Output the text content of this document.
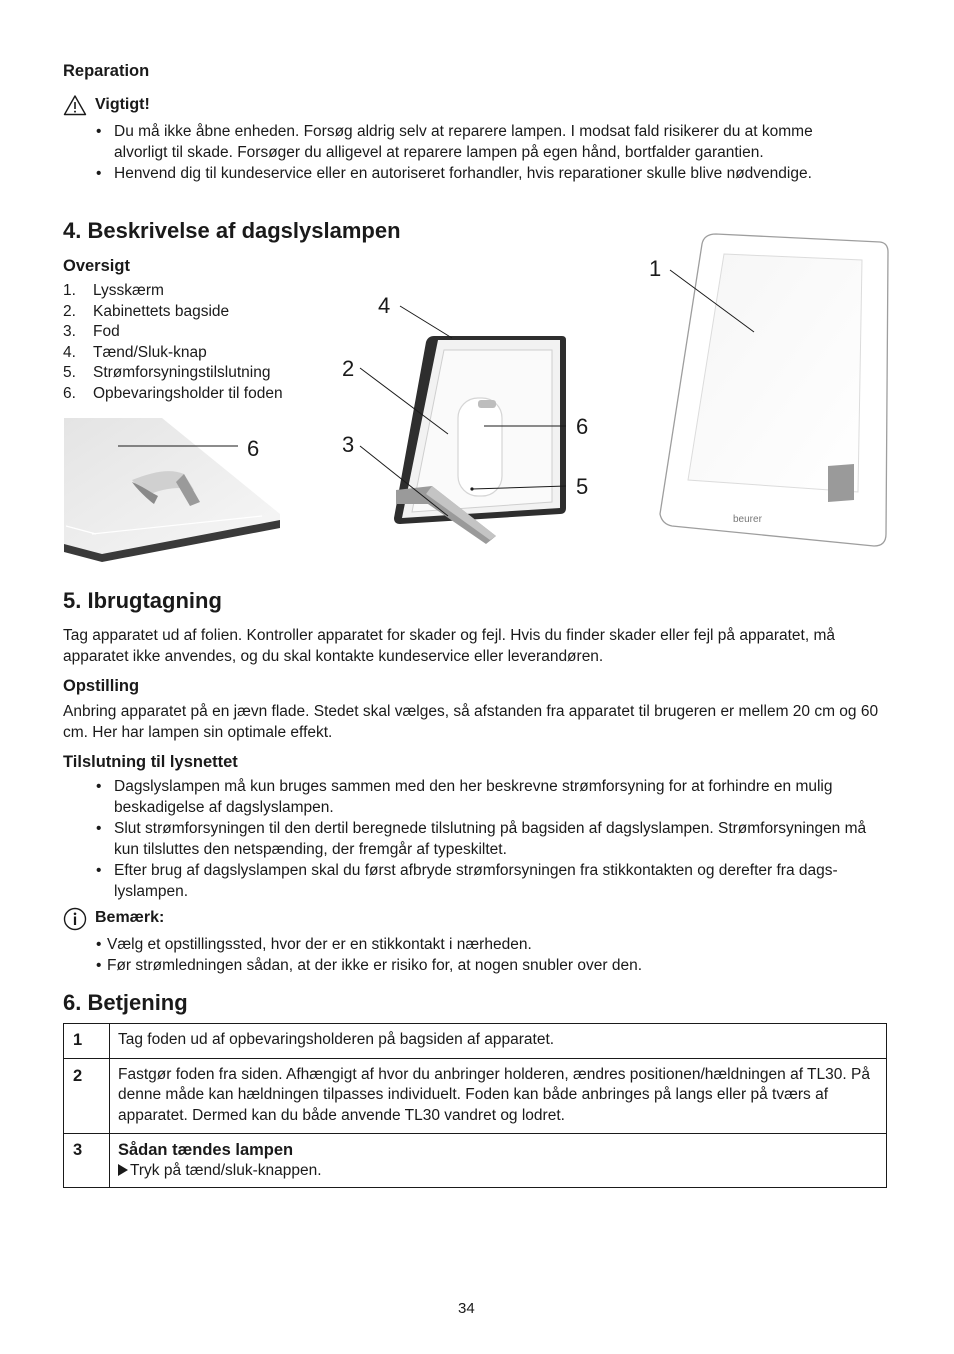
Reparation
Vigtigt!
• Du må ikke åbne enheden. Forsøg aldrig selv at reparere lampen. I modsat fald risikerer du at komme alvorligt til skade. Forsøger du alligevel at reparere lampen på egen hånd, bortfalder garantien.
• Henvend dig til kundeservice eller en autoriseret forhandler, hvis reparationer skulle blive nødvendige.
4. Beskrivelse af dagslyslampen
Oversigt
1. Lysskærm
2. Kabinettets bagside
3. Fod
4. Tænd/Sluk-knap
5. Strømforsyningstilslutning
6. Opbevaringsholder til foden
6
4
2
3
6
5
beurer
1
5. Ibrugtagning
Tag apparatet ud af folien. Kontroller apparatet for skader og fejl. Hvis du finder skader eller fejl på apparatet, må apparatet ikke anvendes, og du skal kontakte kundeservice eller leverandøren.
Opstilling
Anbring apparatet på en jævn flade. Stedet skal vælges, så afstanden fra apparatet til brugeren er mellem 20 cm og 60 cm. Her har lampen sin optimale effekt.
Tilslutning til lysnettet
• Dagslyslampen må kun bruges sammen med den her beskrevne strømforsyning for at forhindre en mulig beskadigelse af dagslyslampen.
• Slut strømforsyningen til den dertil beregnede tilslutning på bagsiden af dagslyslampen. Strømforsyningen må kun tilsluttes den netspænding, der fremgår af typeskiltet.
• Efter brug af dagslyslampen skal du først afbryde strømforsyningen fra stikkontakten og derefter fra dags-lyslampen.
Bemærk:
• Vælg et opstillingssted, hvor der er en stikkontakt i nærheden.
• Før strømledningen sådan, at der ikke er risiko for, at nogen snubler over den.
6. Betjening
1	Tag foden ud af opbevaringsholderen på bagsiden af apparatet.
2	Fastgør foden fra siden. Afhængigt af hvor du anbringer holderen, ændres positionen/hældningen af TL30. På denne måde kan hældningen tilpasses individuelt. Foden kan både anbringes på langs eller på tværs af apparatet. Dermed kan du både anvende TL30 vandret og lodret.
3	Sådan tændes lampen
Tryk på tænd/sluk-knappen.
34
